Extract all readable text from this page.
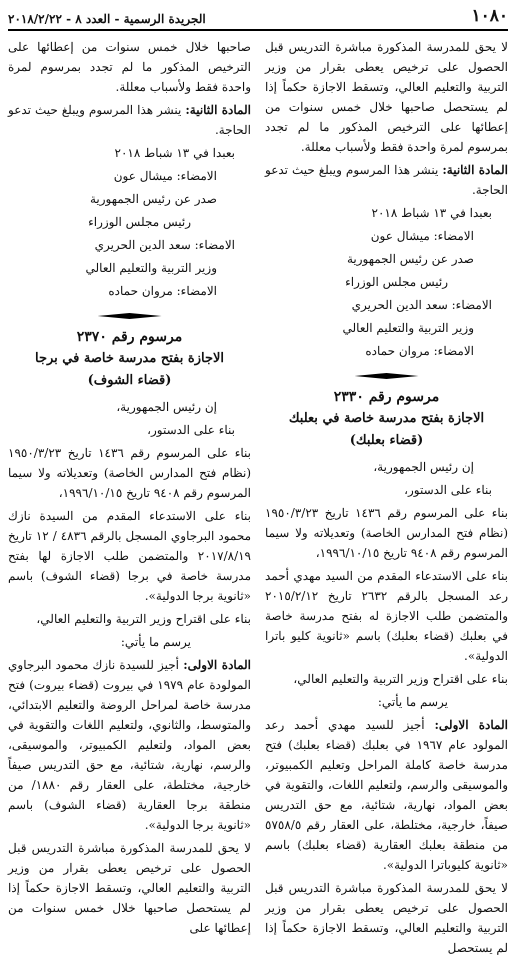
١٠٨٠
الجريدة الرسمية - العدد ٨ - ٢٠١٨/٢/٢٢

لا يحق للمدرسة المذكورة مباشرة التدريس قبل الحصول على ترخيص يعطى بقرار من وزير التربية والتعليم العالي، وتسقط الاجازة حكماً إذا لم يستحصل صاحبها خلال خمس سنوات من إعطائها على الترخيص المذكور ما لم تجدد بمرسوم لمرة واحدة فقط ولأسباب معللة.

المادة الثانية: ينشر هذا المرسوم ويبلغ حيث تدعو الحاجة.

بعبدا في ١٣ شباط ٢٠١٨

الامضاء: ميشال عون

صدر عن رئيس الجمهورية

رئيس مجلس الوزراء

الامضاء: سعد الدين الحريري

وزير التربية والتعليم العالي

الامضاء: مروان حماده

مرسوم رقم ٢٣٣٠
الاجازة بفتح مدرسة خاصة في بعلبك
(قضاء بعلبك)

إن رئيس الجمهورية،

بناء على الدستور،

بناء على المرسوم رقم ١٤٣٦ تاريخ ١٩٥٠/٣/٢٣ (نظام فتح المدارس الخاصة) وتعديلاته ولا سيما المرسوم رقم ٩٤٠٨ تاريخ ١٩٩٦/١٠/١٥،

بناء على الاستدعاء المقدم من السيد مهدي أحمد رعد المسجل بالرقم ٢٦٣٢ تاريخ ٢٠١٥/٢/١٢ والمتضمن طلب الاجازة له بفتح مدرسة خاصة في بعلبك (قضاء بعلبك) باسم «ثانوية كليو باترا الدولية».

بناء على اقتراح وزير التربية والتعليم العالي،

يرسم ما يأتي:

المادة الاولى: أجيز للسيد مهدي أحمد رعد المولود عام ١٩٦٧ في بعلبك (قضاء بعلبك) فتح مدرسة خاصة كاملة المراحل وتعليم الكمبيوتر، والموسيقى والرسم، ولتعليم اللغات، والتقوية في بعض المواد، نهارية، شتائية، مع حق التدريس صيفاً، خارجية، مختلطة، على العقار رقم ٥٧٥٨/٥ من منطقة بعلبك العقارية (قضاء بعلبك) باسم «ثانوية كليوباترا الدولية».

لا يحق للمدرسة المذكورة مباشرة التدريس قبل الحصول على ترخيص يعطى بقرار من وزير التربية والتعليم العالي، وتسقط الاجازة حكماً إذا لم يستحصل

صاحبها خلال خمس سنوات من إعطائها على الترخيص المذكور ما لم تجدد بمرسوم لمرة واحدة فقط ولأسباب معللة.

المادة الثانية: ينشر هذا المرسوم ويبلغ حيث تدعو الحاجة.

بعبدا في ١٣ شباط ٢٠١٨

الامضاء: ميشال عون

صدر عن رئيس الجمهورية

رئيس مجلس الوزراء

الامضاء: سعد الدين الحريري

وزير التربية والتعليم العالي

الامضاء: مروان حماده

مرسوم رقم ٢٣٧٠
الاجازة بفتح مدرسة خاصة في برجا
(قضاء الشوف)

إن رئيس الجمهورية،

بناء على الدستور،

بناء على المرسوم رقم ١٤٣٦ تاريخ ١٩٥٠/٣/٢٣ (نظام فتح المدارس الخاصة) وتعديلاته ولا سيما المرسوم رقم ٩٤٠٨ تاريخ ١٩٩٦/١٠/١٥،

بناء على الاستدعاء المقدم من السيدة نازك محمود البرجاوي المسجل بالرقم ٤٨٣٦ / ١٢ تاريخ ٢٠١٧/٨/١٩ والمتضمن طلب الاجازة لها بفتح مدرسة خاصة في برجا (قضاء الشوف) باسم «ثانوية برجا الدولية».

بناء على اقتراح وزير التربية والتعليم العالي،

يرسم ما يأتي:

المادة الاولى: أجيز للسيدة نازك محمود البرجاوي المولودة عام ١٩٧٩ في بيروت (قضاء بيروت) فتح مدرسة خاصة لمراحل الروضة والتعليم الابتدائي، والمتوسط، والثانوي، ولتعليم اللغات والتقوية في بعض المواد، ولتعليم الكمبيوتر، والموسيقى، والرسم، نهارية، شتائية، مع حق التدريس صيفاً خارجية، مختلطة، على العقار رقم ١٨٨٠/ من منطقة برجا العقارية (قضاء الشوف) باسم «ثانوية برجا الدولية».

لا يحق للمدرسة المذكورة مباشرة التدريس قبل الحصول على ترخيص يعطى بقرار من وزير التربية والتعليم العالي، وتسقط الاجازة حكماً إذا لم يستحصل صاحبها خلال خمس سنوات من إعطائها على
